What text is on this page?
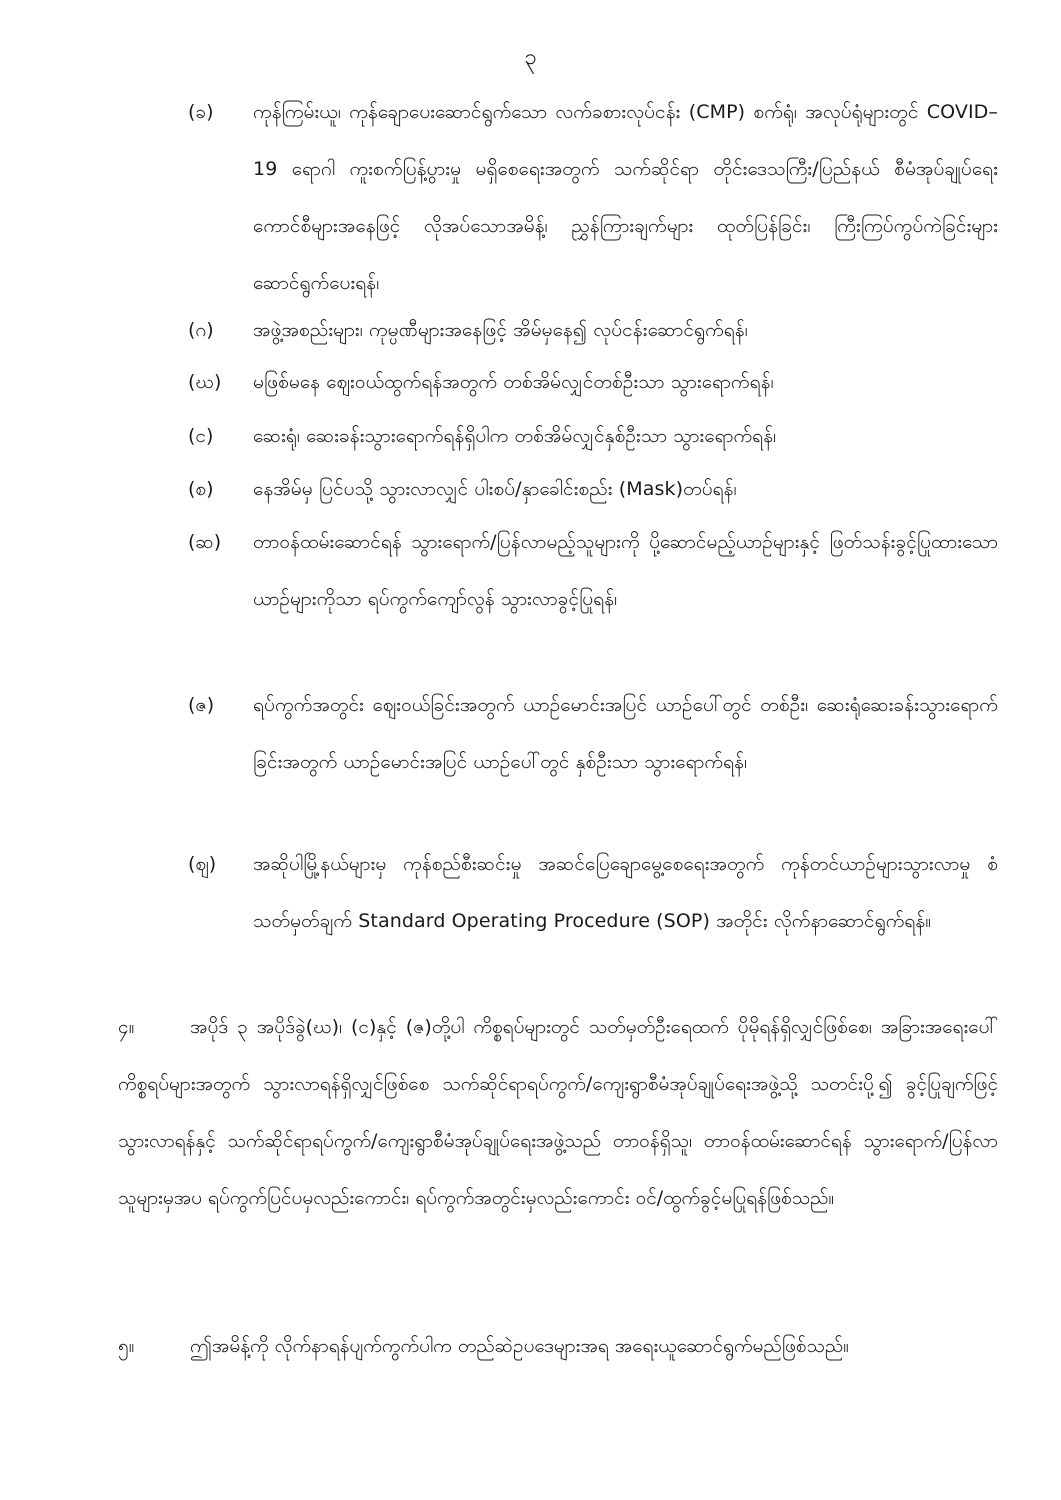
၃
(ခ)	ကုန်ကြမ်းယူ၊ ကုန်ချောပေးဆောင်ရွက်သော လက်ခစားလုပ်ငန်း (CMP) စက်ရုံ၊ အလုပ်ရုံများတွင် COVID–19 ရောဂါ ကူးစက်ပြန့်ပွားမှု မရှိစေရေးအတွက် သက်ဆိုင်ရာ တိုင်းဒေသကြီး/ပြည်နယ် စီမံအုပ်ချုပ်ရေးကောင်စီများအနေဖြင့် လိုအပ်သောအမိန့်၊ ညွှန်ကြားချက်များ ထုတ်ပြန်ခြင်း၊ ကြီးကြပ်ကွပ်ကဲခြင်းများ ဆောင်ရွက်ပေးရန်၊
(ဂ)	အဖွဲ့အစည်းများ၊ ကုမ္ပဏီများအနေဖြင့် အိမ်မှနေ၍ လုပ်ငန်းဆောင်ရွက်ရန်၊
(ဃ)	မဖြစ်မနေ ဈေးဝယ်ထွက်ရန်အတွက် တစ်အိမ်လျှင်တစ်ဦးသာ သွားရောက်ရန်၊
(င)	ဆေးရုံ၊ ဆေးခန်းသွားရောက်ရန်ရှိပါက တစ်အိမ်လျှင်နှစ်ဦးသာ သွားရောက်ရန်၊
(စ)	နေအိမ်မှ ပြင်ပသို့ သွားလာလျှင် ပါးစပ်/နှာခေါင်းစည်း (Mask)တပ်ရန်၊
(ဆ)	တာဝန်ထမ်းဆောင်ရန် သွားရောက်/ပြန်လာမည့်သူများကို ပို့ဆောင်မည့်ယာဉ်များနှင့် ဖြတ်သန်းခွင့်ပြုထားသော ယာဉ်များကိုသာ ရပ်ကွက်ကျော်လွန် သွားလာခွင့်ပြုရန်၊
(ဇ)	ရပ်ကွက်အတွင်း ဈေးဝယ်ခြင်းအတွက် ယာဉ်မောင်းအပြင် ယာဉ်ပေါ်တွင် တစ်ဦး၊ ဆေးရုံဆေးခန်းသွားရောက်ခြင်းအတွက် ယာဉ်မောင်းအပြင် ယာဉ်ပေါ်တွင် နှစ်ဦးသာ သွားရောက်ရန်၊
(ဈ)	အဆိုပါမြို့နယ်များမှ ကုန်စည်စီးဆင်းမှု အဆင်ပြေချောမွေ့စေရေးအတွက် ကုန်တင်ယာဉ်များသွားလာမှု စံသတ်မှတ်ချက် Standard Operating Procedure (SOP) အတိုင်း လိုက်နာဆောင်ရွက်ရန်။
၄။	အပိုဒ် ၃ အပိုဒ်ခွဲ(ဃ)၊ (င)နှင့် (ဇ)တို့ပါ ကိစ္စရပ်များတွင် သတ်မှတ်ဦးရေထက် ပိုမိုရန်ရှိလျှင်ဖြစ်စေ၊ အခြားအရေးပေါ်ကိစ္စရပ်များအတွက် သွားလာရန်ရှိလျှင်ဖြစ်စေ သက်ဆိုင်ရာရပ်ကွက်/ကျေးရွာစီမံအုပ်ချုပ်ရေးအဖွဲ့သို့ သတင်းပို့၍ ခွင့်ပြုချက်ဖြင့်သွားလာရန်နှင့် သက်ဆိုင်ရာရပ်ကွက်/ကျေးရွာစီမံအုပ်ချုပ်ရေးအဖွဲ့သည် တာဝန်ရှိသူ၊ တာဝန်ထမ်းဆောင်ရန် သွားရောက်/ပြန်လာသူများမှအပ ရပ်ကွက်ပြင်ပမှလည်းကောင်း၊ ရပ်ကွက်အတွင်းမှလည်းကောင်း ဝင်/ထွက်ခွင့်မပြုရန်ဖြစ်သည်။
၅။	ဤအမိန့်ကို လိုက်နာရန်ပျက်ကွက်ပါက တည်ဆဲဥပဒေများအရ အရေးယူဆောင်ရွက်မည်ဖြစ်သည်။
